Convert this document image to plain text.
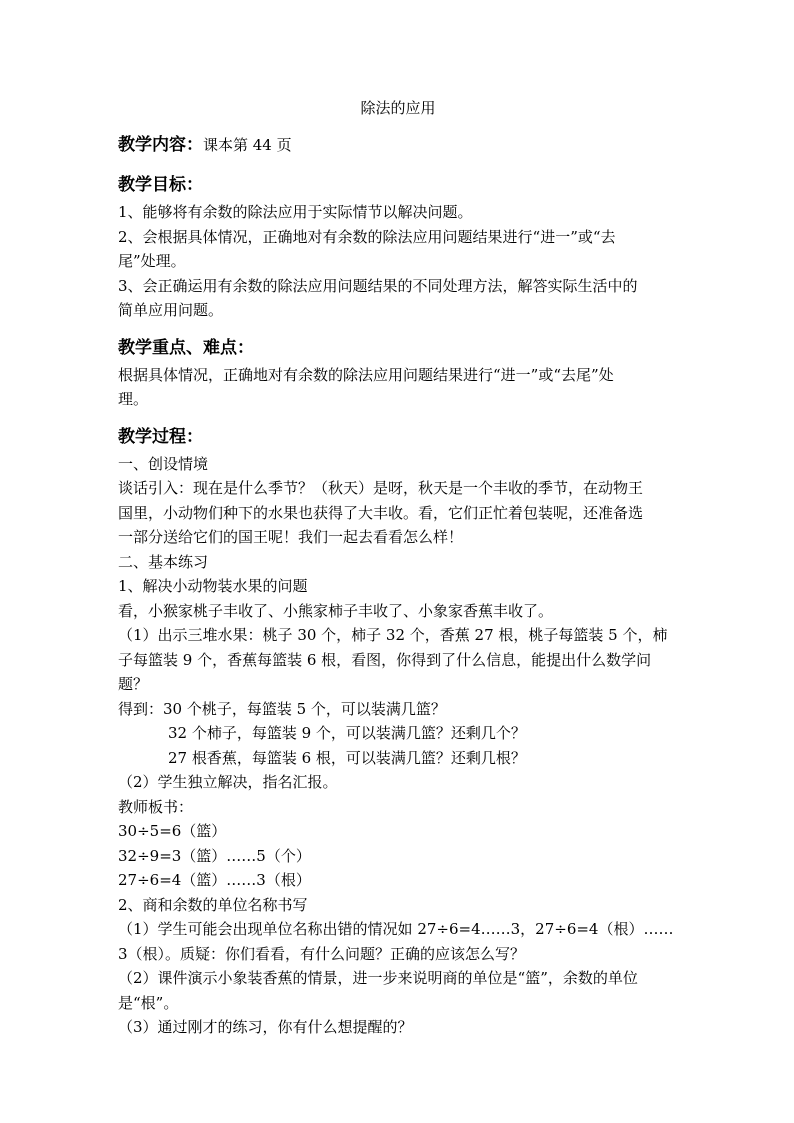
除法的应用
教学内容：课本第 44 页
教学目标：

1、能够将有余数的除法应用于实际情节以解决问题。

2、会根据具体情况，正确地对有余数的除法应用问题结果进行“进一”或“去

尾”处理。

3、会正确运用有余数的除法应用问题结果的不同处理方法，解答实际生活中的

简单应用问题。

教学重点、难点：

根据具体情况，正确地对有余数的除法应用问题结果进行“进一”或“去尾”处

理。

教学过程：

一、创设情境

谈话引入：现在是什么季节？（秋天）是呀，秋天是一个丰收的季节，在动物王

国里，小动物们种下的水果也获得了大丰收。看，它们正忙着包装呢，还准备选

一部分送给它们的国王呢！我们一起去看看怎么样！

二、基本练习

1、解决小动物装水果的问题

看，小猴家桃子丰收了、小熊家柿子丰收了、小象家香蕉丰收了。

（1）出示三堆水果：桃子 30 个，柿子 32 个，香蕉 27 根，桃子每篮装 5 个，柿

子每篮装 9 个，香蕉每篮装 6 根，看图，你得到了什么信息，能提出什么数学问

题？

得到：30 个桃子，每篮装 5 个，可以装满几篮？

32 个柿子，每篮装 9 个，可以装满几篮？还剩几个？

27 根香蕉，每篮装 6 根，可以装满几篮？还剩几根？

（2）学生独立解决，指名汇报。

教师板书：

30÷5=6（篮）

32÷9=3（篮）……5（个）

27÷6=4（篮）……3（根）

2、商和余数的单位名称书写

（1）学生可能会出现单位名称出错的情况如 27÷6=4……3，27÷6=4（根）……

3（根）。质疑：你们看看，有什么问题？正确的应该怎么写？

（2）课件演示小象装香蕉的情景，进一步来说明商的单位是“篮”，余数的单位

是“根”。

（3）通过刚才的练习，你有什么想提醒的？
